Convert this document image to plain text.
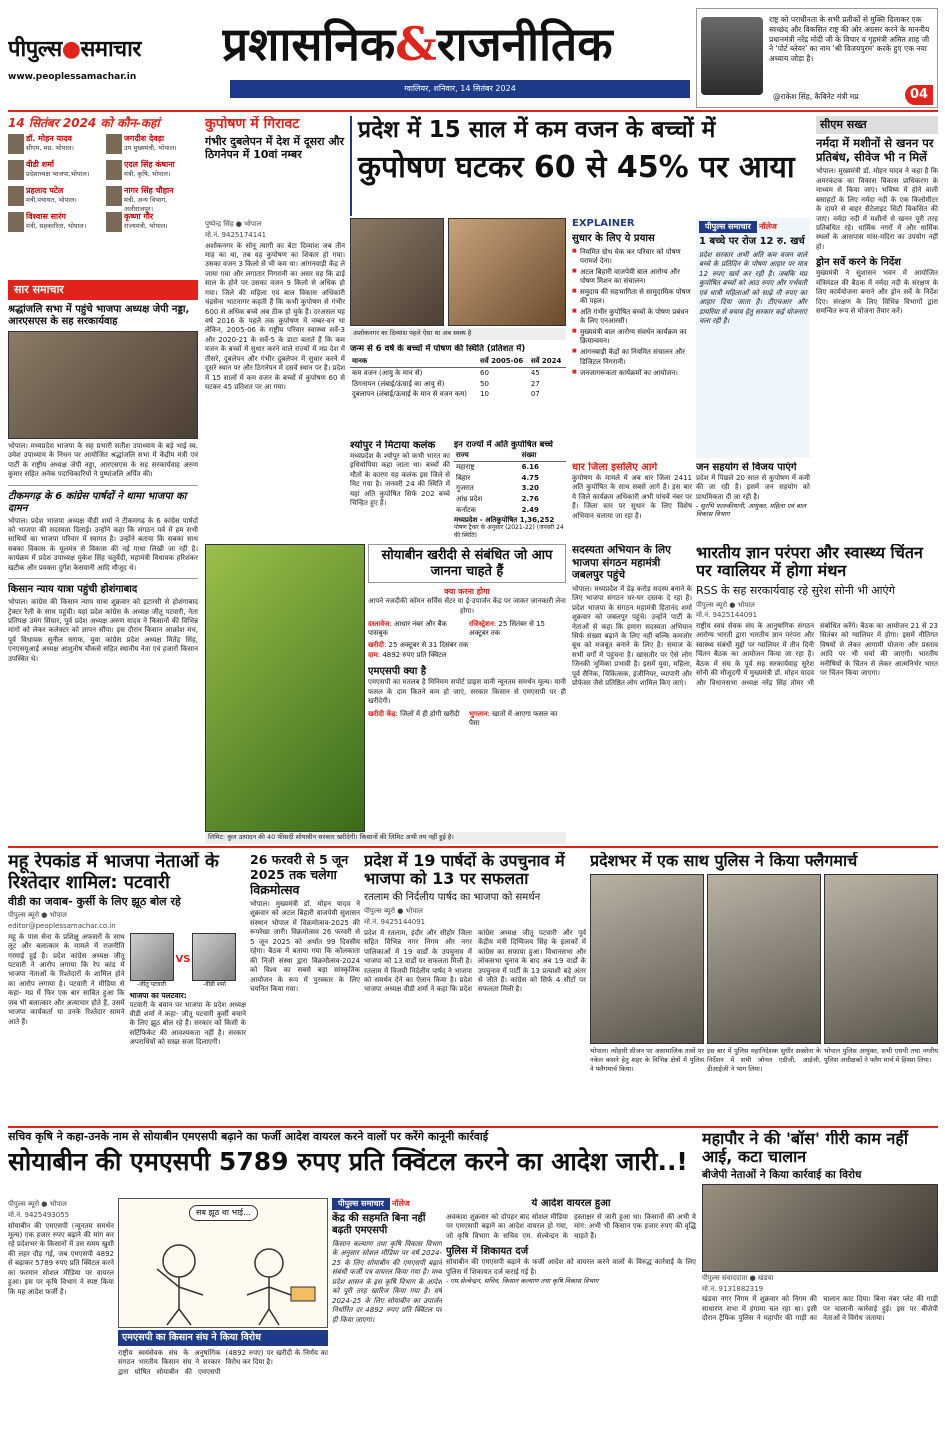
पीपुल्स●समाचार
www.peoplessamachar.in
प्रशासनिक&राजनीतिक
ग्वालियर, शनिवार, 14 सितंबर 2024
राष्ट्र को पराधीनता के सभी प्रतीकों से मुक्ति दिलाकर एक स्वच्छंद और विकसित राष्ट्र की ओर अग्रसर करने के माननीय प्रधानमंत्री नरेंद्र मोदी जी के विचार व गृहमंत्री अमित शाह जी ने 'पोर्ट ब्लेयर' का नाम 'श्री विजयपुरम' करके हुए एक नया अध्याय जोड़ा है।
@राकेश सिंह, कैबिनेट मंत्री मप्र	04
14 सितंबर 2024 को कौन-कहां
डॉ. मोहन यादव
सीएम, मप्र. भोपाल।
वीडी शर्मा
प्रदेशाध्यक्ष भाजपा,भोपाल।
प्रहलाद पटेल
मंत्री,पंचायत, भोपाल।
विश्वास सारंग
मंत्री, सहकारिता, भोपाल।
जगदीश देवड़ा
उप मुख्यमंत्री, भोपाल।
एदल सिंह कंषाना
मंत्री, कृषि, भोपाल।
नागर सिंह चौहान
मंत्री, अन्य विभाग, अलीराजपुर।
कृष्णा गौर
राज्यमंत्री, भोपाल।
सार समाचार
श्रद्धांजलि सभा में पहुंचे भाजपा अध्यक्ष जेपी नड्डा, आरएसएस के सह सरकार्यवाह
भोपाल। मध्यप्रदेश भाजपा के सह प्रभारी सतीश उपाध्याय के बड़े भाई स्व. उमेश उपाध्याय के निधन पर आयोजित श्रद्धांजलि सभा में केंद्रीय मंत्री एवं पार्टी के राष्ट्रीय अध्यक्ष जेपी नड्डा, आरएसएस के सह सरकार्यवाह अरुण कुमार सहित अनेक पदाधिकारियों ने पुष्पांजलि अर्पित की।
टीकमगढ़ के 6 कांग्रेस पार्षदों ने थामा भाजपा का दामन
भोपाल। प्रदेश भाजपा अध्यक्ष वीडी शर्मा ने टीकमगढ़ के 6 कांग्रेस पार्षदों को भाजपा की सदस्यता दिलाई। उन्होंने कहा कि संगठन पर्व में हम सभी साथियों का भाजपा परिवार में स्वागत है। उन्होंने बताया कि सबका साथ सबका विकास के मूलमंत्र से विकास की नई गाथा लिखी जा रही है। कार्यक्रम में प्रदेश उपाध्यक्ष मुकेश सिंह चतुर्वेदी, महामंत्री विधायक हरिशंकर खटीक और प्रवक्ता दुर्गेश केसवानी आदि मौजूद थे।
किसान न्याय यात्रा पहुंची होशंगाबाद
भोपाल। कांग्रेस की किसान न्याय यात्रा शुक्रवार को इटारसी से होशंगाबाद ट्रेक्टर रैली के साथ पहुंची। यहां प्रदेश कांग्रेस के अध्यक्ष जीतू पटवारी, नेता प्रतिपक्ष उमंग सिंघार, पूर्व प्रदेश अध्यक्ष अरुण यादव ने किसानों की विभिन्न मांगों को लेकर कलेक्टर को ज्ञापन सौंपा। इस दौरान किसान आक्रोश मंच, पूर्व विधायक सुनील सराफ, युवा कांग्रेस प्रदेश अध्यक्ष मितेंद्र सिंह, एनएसयूआई अध्यक्ष आशुतोष चौकसे सहित स्थानीय नेता एवं हजारों किसान उपस्थित थे।
कुपोषण में गिरावट
गंभीर दुबलेपन में देश में दूसरा और ठिगनेपन में 10वां नम्बर
प्रदेश में 15 साल में कम वजन के बच्चों में
कुपोषण घटकर 60 से 45% पर आया
पुष्पेन्द्र सिंह ● भोपाल
मो.नं. 9425174141
अशोकनगर के सोनू त्यागी का बेटा दिव्यांश जब तीन माह का था, तब वह कुपोषण का शिकार हो गया। उसका वजन 3 किलो से भी कम था। आंगनवाड़ी केंद्र ले जाया गया और लगातार निगरानी का असर यह कि ढाई साल के होने पर उसका वजन 9 किलो से अधिक हो गया। जिले की महिला एवं बाल विकास अधिकारी चंद्रसेना भाटनागर कहती हैं कि कभी कुपोषण से गंभीर 600 से अधिक बच्चे अब ठीक हो चुके हैं। दरअसल यह वर्ष 2016 के पहले तक कुपोषण में नम्बर-वन था लेकिन, 2005-06 के राष्ट्रीय परिवार स्वास्थ्य सर्वे-3 और 2020-21 के सर्वे-5 के डाटा बताते हैं कि कम वजन के बच्चों में सुधार करने वाले राज्यों में मप्र देश में तीसरे, दुबलेपन और गंभीर दुबलेपन में सुधार करने में दूसरे स्थान पर और ठिगनेपन में दसवें स्थान पर है। प्रदेश में 15 सालों में कम वजन के बच्चों में कुपोषण 60 से घटकर 45 प्रतिशत पर आ गया।
अशोकनगर का दिव्यांश पहले ऐसा था अब स्वस्थ है
जन्म से 6 वर्ष के बच्चों में पोषण की स्थिति (प्रतिशत में)
मानक	सर्वे 2005-06	सर्वे 2024
कम वजन (आयु के मान से)	60	45
ठिगनापन (लंबाई/ऊंचाई का आयु से)	50	27
दुबलापन (लंबाई/ऊंचाई के मान से वजन कम)	10	07
श्योपुर ने मिटाया कलंक
मध्यप्रदेश के श्योपुर को कभी भारत का इथियोपिया कहा जाता था। बच्चों की मौतों के कारण यह कलंक इस जिले से मिट गया है। जनवरी 24 की स्थिति में यहां अति कुपोषित सिर्फ 202 बच्चे चिन्हित हुए हैं।
इन राज्यों में अति कुपोषित बच्चे
राज्य	संख्या
महाराष्ट्र	6.16
बिहार	4.75
गुजरात	3.20
आंध्र प्रदेश	2.76
कर्नाटक	2.49
मध्यप्रदेश - अतिकुपोषित 1,36,252
पोषण ट्रैकर के अनुसार (2021-22) (जनवरी 24 की स्थिति)
EXPLAINER
सुधार के लिए ये प्रयास
■ नियमित ग्रोथ चेक कर परिवार को पोषण परामर्श देना।
■ अटल बिहारी वाजपेयी बाल आरोग्य और पोषण मिशन का संचालन।
■ समुदाय की सहभागिता से सामुदायिक पोषण की पहल।
■ अति गंभीर कुपोषित बच्चों के पोषण प्रबंधन के लिए एनआरसी।
■ मुख्यमंत्री बाल आरोग्य संवर्धन कार्यक्रम का क्रियान्वयन।
■ आंगनबाड़ी केंद्रों का नियमित संचालन और डिजिटल निगरानी।
■ जनजागरूकता कार्यक्रमों का आयोजन।
पीपुल्स समाचार नॉलेज
1 बच्चे पर रोज 12 रु. खर्च
प्रदेश सरकार अभी अति कम वजन वाले बच्चे के प्रतिदिन के पोषण आहार पर मात्र 12 रुपए खर्च कर रही है। जबकि मप्र कुपोषित बच्चों को आठ रुपए और गर्भवती एवं धात्री महिलाओं को साढ़े नौ रुपए का आहार दिया जाता है। टीएचआर और डायरिया से बचाव हेतु सरकार कई योजनाएं चला रही है।
धार जिला इसलिए आगे
कुपोषण के मामले में अब धार जिला 2411 अति कुपोषित के साथ सबसे आगे है। इस बार ये जिले कार्यक्रम अधिकारी अभी पांचवें नंबर पर हैं। जिला स्तर पर सुधार के लिए विशेष अभियान चलाया जा रहा है।
जन सहयोग से विजय पाएंगे
प्रदेश में पिछले 20 साल से कुपोषण में कमी की जा रही है। इसमें जन सहयोग को प्राथमिकता दी जा रही है।
- सुरभि फारुकीयानी, आयुक्त, महिला एवं बाल विकास विभाग
सीएम सख्त
नर्मदा में मशीनों से खनन पर प्रतिबंध, सीवेज भी न मिलें
भोपाल। मुख्यमंत्री डॉ. मोहन यादव ने कहा है कि अमरकंटक का विकास विकास प्राधिकरण के माध्यम से किया जाए। भविष्य में होने वाली बसाहटों के लिए नर्मदा नदी के एक किलोमीटर के दायरे से बाहर सैटेलाइट सिटी विकसित की जाए। नर्मदा नदी में मशीनों से खनन पूरी तरह प्रतिबंधित रहे। धार्मिक नगरों में और धार्मिक स्थलों के आसपास मांस-मदिरा का उपयोग नहीं हो।
ड्रोन सर्वे करने के निर्देश
मुख्यमंत्री ने सुशासन भवन में आयोजित मंत्रिमंडल की बैठक में नर्मदा नदी के संरक्षण के लिए कार्ययोजना बनाने और ड्रोन सर्वे के निर्देश दिए। संरक्षण के लिए विभिन्न विभागों द्वारा समन्वित रूप से योजना तैयार करें।
सोयाबीन खरीदी से संबंधित जो आप जानना चाहते हैं
क्या करना होगा
आपने नजदीकी कॉमन सर्विस सेंटर या ई-उपार्जन केंद्र पर जाकर जानकारी लेना होगा।
दस्तावेज: आधार नंबर और बैंक पासबुक
रजिस्ट्रेशन: 25 सितंबर से 15 अक्टूबर तक
खरीदी: 25 अक्टूबर से 31 दिसंबर तक
दाम: 4892 रुपए प्रति क्विंटल
एमएसपी क्या है
एमएसपी का मतलब है मिनिमम सपोर्ट प्राइस यानी न्यूनतम समर्थन मूल्य। यानी फसल के दाम कितने कम हो जाएं, सरकार किसान से एमएसपी पर ही खरीदेगी।
खरीदी केंद्र: जिलों में ही होगी खरीदी	भुगतान: खातों में आएगा फसल का पैसा
लिमिट: कुल उत्पादन की 40 फीसदी सोयाबीन सरकार खरीदेगी। किसानों की लिमिट अभी तय नहीं हुई है।
सदस्यता अभियान के लिए भाजपा संगठन महामंत्री जबलपुर पहुंचे
भोपाल। मध्यप्रदेश में डेढ़ करोड़ सदस्य बनाने के लिए भाजपा संगठन घर-घर दस्तक दे रहा है। प्रदेश भाजपा के संगठन महामंत्री हितानंद शर्मा शुक्रवार को जबलपुर पहुंचे। उन्होंने पार्टी के नेताओं से कहा कि हमारा सदस्यता अभियान सिर्फ संख्या बढ़ाने के लिए नहीं बल्कि कमजोर बूथ को मजबूत बनाने के लिए है। समाज के सभी वर्गों में पहुंचना है। खासतौर पर ऐसे लोग जिनकी भूमिका प्रभावी है। इसमें युवा, महिला, पूर्व सैनिक, चिकित्सक, इंजीनियर, व्यापारी और प्रोफेसर जैसे प्रतिष्ठित लोग शामिल किए जाएं।
भारतीय ज्ञान परंपरा और स्वास्थ्य चिंतन पर ग्वालियर में होगा मंथन
RSS के सह सरकार्यवाह रहे सुरेश सोनी भी आएंगे
पीपुल्स ब्यूरो ● भोपाल
मो.नं. 9425144091
राष्ट्रीय स्वयं सेवक संघ के आनुषांगिक संगठन आरोग्य भारती द्वारा भारतीय ज्ञान परंपरा और स्वास्थ्य संबंधी मुद्दों पर ग्वालियर में तीन दिनी चिंतन बैठक का आयोजन किया जा रहा है। बैठक में संघ के पूर्व सह सरकार्यवाह सुरेश सोनी की मौजूदगी में मुख्यमंत्री डॉ. मोहन यादव और विधानसभा अध्यक्ष नरेंद्र सिंह तोमर भी संबोधित करेंगे। बैठक का आयोजन 21 से 23 सितंबर को ग्वालियर में होगा। इसमें नीतिगत विषयों से लेकर आगामी योजना और प्रस्ताव आदि पर भी चर्चा की जाएगी। भारतीय मनीषियों के चिंतन से लेकर आत्मनिर्भर भारत पर चिंतन किया जाएगा।
महू रेपकांड में भाजपा नेताओं के रिश्तेदार शामिल: पटवारी
वीडी का जवाब- कुर्सी के लिए झूठ बोल रहे
पीपुल्स ब्यूरो ● भोपाल
editor@peoplessamachar.co.in
महू के पास सेना के प्रशिक्षु अफसरों के साथ लूट और बलात्कार के मामले में राजनीति गरमाई हुई है। प्रदेश कांग्रेस अध्यक्ष जीतू पटवारी ने आरोप लगाया कि रेप कांड में भाजपा नेताओं के रिश्तेदारों के शामिल होने का आरोप लगाया है। पटवारी ने मीडिया से कहा- मप्र में फिर एक बार साबित हुआ कि जब भी बलात्कार और अत्याचार होते हैं, उसमें भाजपा कार्यकर्ता या उनके रिश्तेदार सामने आते हैं।
-जीतू पटवारी
VS
-वीडी शर्मा
भाजपा का पलटवार:
पटवारी के बयान पर भाजपा के प्रदेश अध्यक्ष वीडी शर्मा ने कहा- जीतू पटवारी कुर्सी बचाने के लिए झूठ बोल रहे हैं। सरकार को किसी के सर्टिफिकेट की आवश्यकता नहीं है। सरकार अपराधियों को सख्त सजा दिलाएगी।
26 फरवरी से 5 जून 2025 तक चलेगा विक्रमोत्सव
भोपाल। मुख्यमंत्री डॉ. मोहन यादव ने शुक्रवार को अटल बिहारी वाजपेयी सुशासन संस्थान भोपाल में विक्रमोत्सव-2025 की रूपरेखा जारी। विक्रमोत्सव 26 फरवरी से 5 जून 2025 को अर्थात 99 दिवसीय रहेगा। बैठक में बताया गया कि कोलकाता की निजी संस्था द्वारा विक्रमोत्सव-2024 को विश्व का सबसे बड़ा सांस्कृतिक आयोजन के रूप में पुरस्कार के लिए चयनित किया गया।
प्रदेश में 19 पार्षदों के उपचुनाव में भाजपा को 13 पर सफलता
रतलाम की निर्दलीय पार्षद का भाजपा को समर्थन
पीपुल्स ब्यूरो ● भोपाल
मो.नं. 9425144091
प्रदेश में रतलाम, इंदौर और सीहोर जिला सहित विभिन्न नगर निगम और नगर पालिकाओं में 19 वार्डों के उपचुनाव में भाजपा को 13 वार्डों पर सफलता मिली है। रतलाम में विजयी निर्दलीय पार्षद ने भाजपा को समर्थन देने का ऐलान किया है। प्रदेश भाजपा अध्यक्ष वीडी शर्मा ने कहा कि प्रदेश कांग्रेस अध्यक्ष जीतू पटवारी और पूर्व केंद्रीय मंत्री दिग्विजय सिंह के इलाकों में कांग्रेस का सफाया हुआ। विधानसभा और लोकसभा चुनाव के बाद अब 19 वार्डों के उपचुनाव में पार्टी के 13 प्रत्याशी बड़े अंतर से जीते हैं। कांग्रेस को सिर्फ 4 सीटों पर सफलता मिली है।
प्रदेशभर में एक साथ पुलिस ने किया फ्लैगमार्च
भोपाल। त्योहारी सीजन पर असामाजिक तत्वों पर नकेल कसने हेतु शहर के विभिन्न क्षेत्रों में पुलिस ने फ्लैगमार्च किया।
इस बार में पुलिस महानिदेशक सुधीर सक्सेना के निर्देशन में सभी जोनल एडीजी, आईजी, डीआईजी ने भाग लिया।
भोपाल पुलिस आयुक्त, सभी एसपी तथा नगरीय पुलिस अधीक्षकों ने फ्लैग मार्च में हिस्सा लिया।
सचिव कृषि ने कहा-उनके नाम से सोयाबीन एमएसपी बढ़ाने का फर्जी आदेश वायरल करने वालों पर करेंगे कानूनी कार्रवाई
सोयाबीन की एमएसपी 5789 रुपए प्रति क्विंटल करने का आदेश जारी..!
पीपुल्स ब्यूरो ● भोपाल
मो.नं. 9425493055
सोयाबीन की एमएसपी (न्यूनतम समर्थन मूल्य) एक हजार रुपए बढ़ाने की मांग कर रहे प्रदेशभर के किसानों में उस समय खुशी की लहर दौड़ गई, जब एमएसपी 4892 से बढ़ाकर 5789 रुपए प्रति क्विंटल करने का फरमान सोशल मीडिया पर वायरल हुआ। इस पर कृषि विभाग ने स्पष्ट किया कि यह आदेश फर्जी है।
सब झूठ था भाई...
एमएसपी का किसान संघ ने किया विरोध
राष्ट्रीय स्वयंसेवक संघ के अनुषांगिक संगठन भारतीय किसान संघ ने सरकार द्वारा घोषित सोयाबीन की एमएसपी (4892 रुपए) पर खरीदी के निर्णय का विरोध कर दिया है।
पीपुल्स समाचार नॉलेज
केंद्र की सहमति बिना नहीं बढ़ती एमएसपी
किसान कल्याण तथा कृषि विकास विभाग के अनुसार सोशल मीडिया पर वर्ष 2024-25 के लिए सोयाबीन की एमएसपी बढ़ाने संबंधी फर्जी पत्र वायरल किया गया है। मध्य प्रदेश शासन के इस कृषि विभाग के आदेश को पूरी तरह खारिज किया गया है। वर्ष 2024-25 के लिए सोयाबीन का उपार्जन निर्धारित दर 4892 रुपए प्रति क्विंटल पर ही किया जाएगा।
ये आदेश वायरल हुआ
अवकाश शुक्रवार को दोपहर बाद सोशल मीडिया पर एमएसपी बढ़ाने का आदेश वायरल हो गया, जो कृषि विभाग के सचिव एम. सेल्वेन्द्रन के हस्ताक्षर से जारी हुआ था। किसानों की अभी ये मांग: अभी भी किसान एक हजार रुपए की वृद्धि चाहते हैं।
पुलिस में शिकायत दर्ज
सोयाबीन की एमएसपी बढ़ाने के फर्जी आदेश को वायरल करने वालों के विरुद्ध कार्रवाई के लिए पुलिस में शिकायत दर्ज कराई गई है।
- एम.सेल्वेन्द्रन, सचिव, किसान कल्याण तथा कृषि विकास विभाग
महापौर ने की 'बॉस' गीरी काम नहीं आई, कटा चालान
बीजेपी नेताओं ने किया कार्रवाई का विरोध
पीपुल्स संवाददाता ● खंडवा
मो.नं. 9131882319
खंडवा नगर निगम में शुक्रवार को निगम की साधारण सभा में हंगामा चल रहा था। इसी दौरान ट्रैफिक पुलिस ने महापौर की गाड़ी का चालान काट दिया। बिना नंबर प्लेट की गाड़ी पर चालानी कार्रवाई हुई। इस पर बीजेपी नेताओं ने विरोध जताया।
